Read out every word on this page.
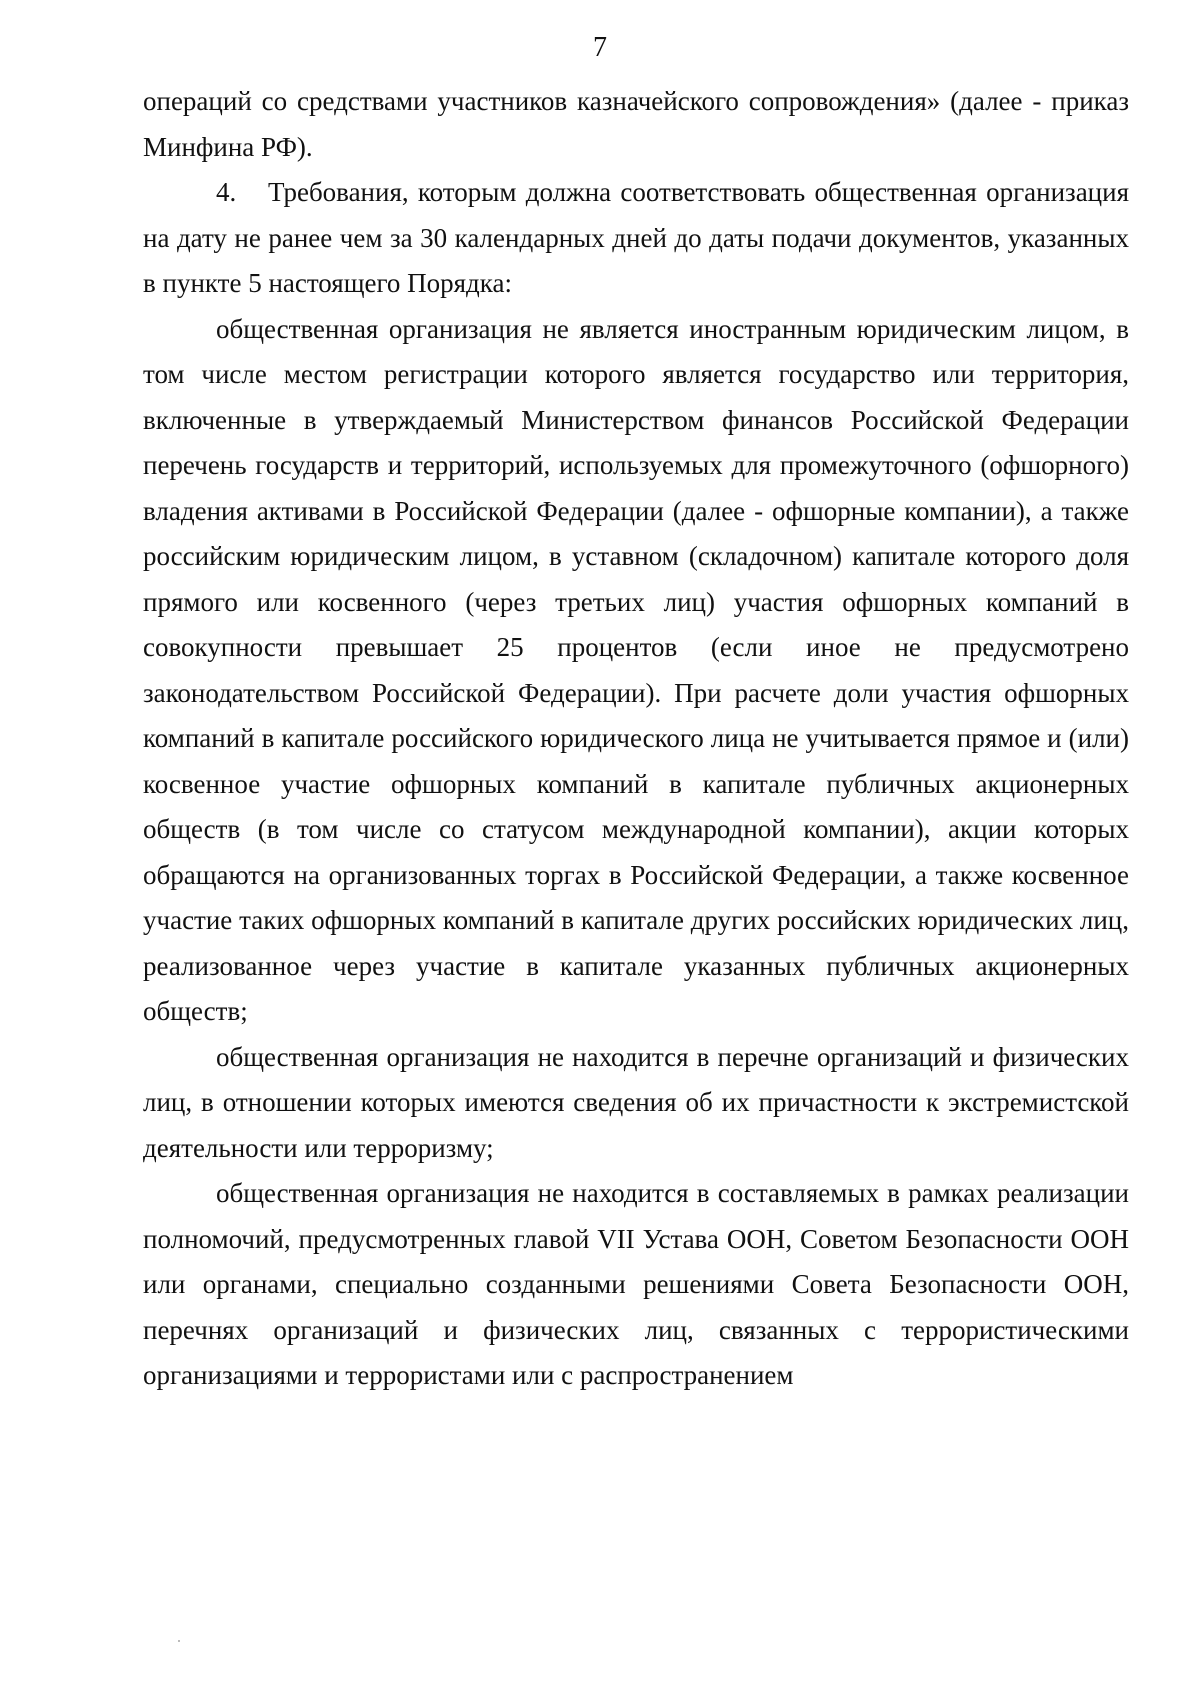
7

операций со средствами участников казначейского сопровождения» (далее - приказ Минфина РФ).

4. Требования, которым должна соответствовать общественная организация на дату не ранее чем за 30 календарных дней до даты подачи документов, указанных в пункте 5 настоящего Порядка:

общественная организация не является иностранным юридическим лицом, в том числе местом регистрации которого является государство или территория, включенные в утверждаемый Министерством финансов Российской Федерации перечень государств и территорий, используемых для промежуточного (офшорного) владения активами в Российской Федерации (далее - офшорные компании), а также российским юридическим лицом, в уставном (складочном) капитале которого доля прямого или косвенного (через третьих лиц) участия офшорных компаний в совокупности превышает 25 процентов (если иное не предусмотрено законодательством Российской Федерации). При расчете доли участия офшорных компаний в капитале российского юридического лица не учитывается прямое и (или) косвенное участие офшорных компаний в капитале публичных акционерных обществ (в том числе со статусом международной компании), акции которых обращаются на организованных торгах в Российской Федерации, а также косвенное участие таких офшорных компаний в капитале других российских юридических лиц, реализованное через участие в капитале указанных публичных акционерных обществ;

общественная организация не находится в перечне организаций и физических лиц, в отношении которых имеются сведения об их причастности к экстремистской деятельности или терроризму;

общественная организация не находится в составляемых в рамках реализации полномочий, предусмотренных главой VII Устава ООН, Советом Безопасности ООН или органами, специально созданными решениями Совета Безопасности ООН, перечнях организаций и физических лиц, связанных с террористическими организациями и террористами или с распространением
